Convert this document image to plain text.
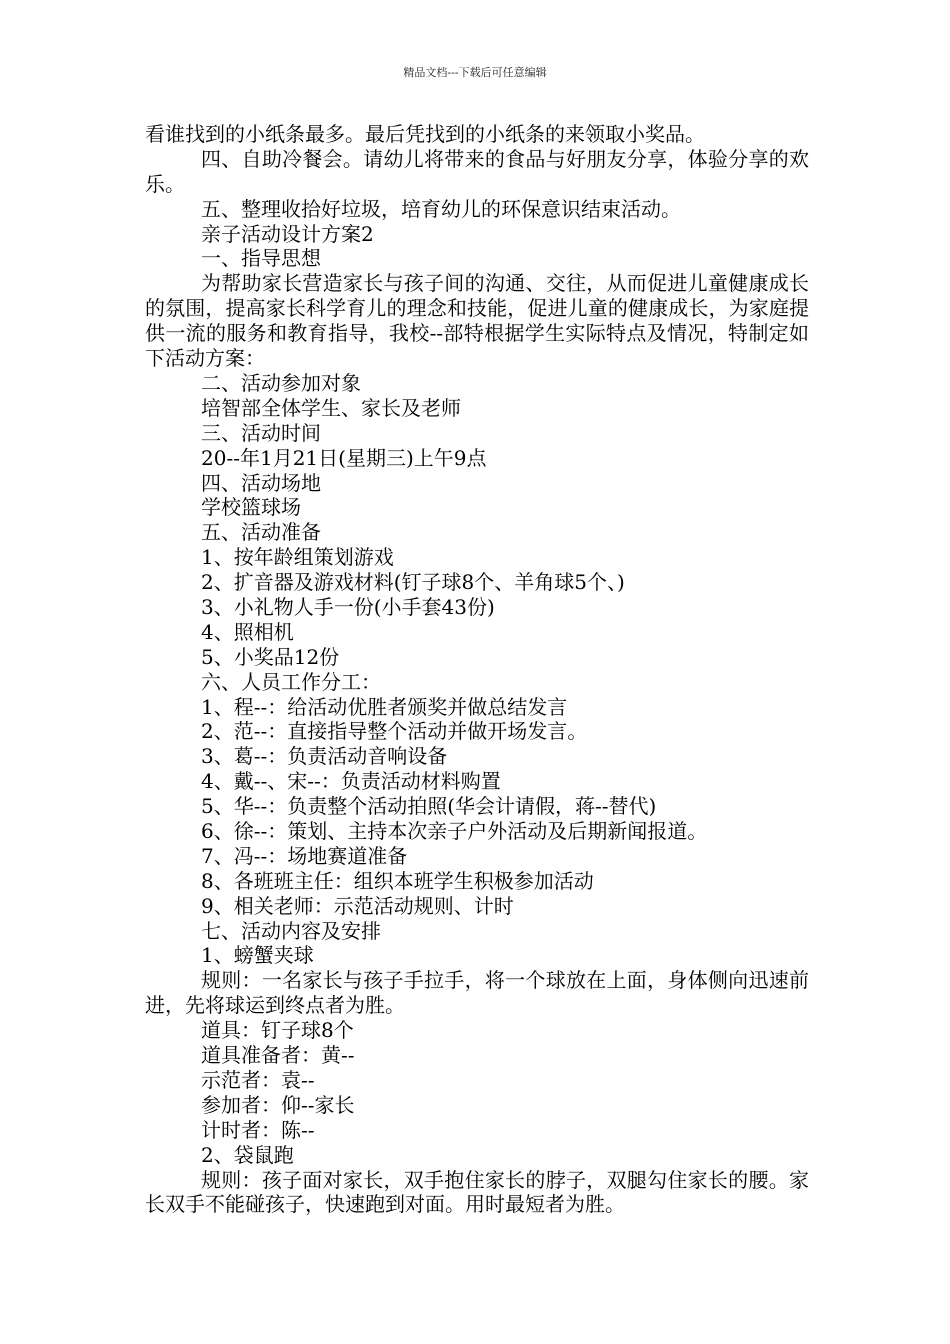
精品文档---下载后可任意编辑
看谁找到的小纸条最多。最后凭找到的小纸条的来领取小奖品。
四、自助冷餐会。请幼儿将带来的食品与好朋友分享，体验分享的欢乐。
五、整理收拾好垃圾，培育幼儿的环保意识结束活动。
亲子活动设计方案2
一、指导思想
为帮助家长营造家长与孩子间的沟通、交往，从而促进儿童健康成长的氛围，提高家长科学育儿的理念和技能，促进儿童的健康成长，为家庭提供一流的服务和教育指导，我校--部特根据学生实际特点及情况，特制定如下活动方案：
二、活动参加对象
培智部全体学生、家长及老师
三、活动时间
20--年1月21日(星期三)上午9点
四、活动场地
学校篮球场
五、活动准备
1、按年龄组策划游戏
2、扩音器及游戏材料(钉子球8个、羊角球5个、)
3、小礼物人手一份(小手套43份)
4、照相机
5、小奖品12份
六、人员工作分工：
1、程--：给活动优胜者颁奖并做总结发言
2、范--：直接指导整个活动并做开场发言。
3、葛--：负责活动音响设备
4、戴--、宋--：负责活动材料购置
5、华--：负责整个活动拍照(华会计请假，蒋--替代)
6、徐--：策划、主持本次亲子户外活动及后期新闻报道。
7、冯--：场地赛道准备
8、各班班主任：组织本班学生积极参加活动
9、相关老师：示范活动规则、计时
七、活动内容及安排
1、螃蟹夹球
规则：一名家长与孩子手拉手，将一个球放在上面，身体侧向迅速前进，先将球运到终点者为胜。
道具：钉子球8个
道具准备者：黄--
示范者：袁--
参加者：仰--家长
计时者：陈--
2、袋鼠跑
规则：孩子面对家长，双手抱住家长的脖子，双腿勾住家长的腰。家长双手不能碰孩子，快速跑到对面。用时最短者为胜。
